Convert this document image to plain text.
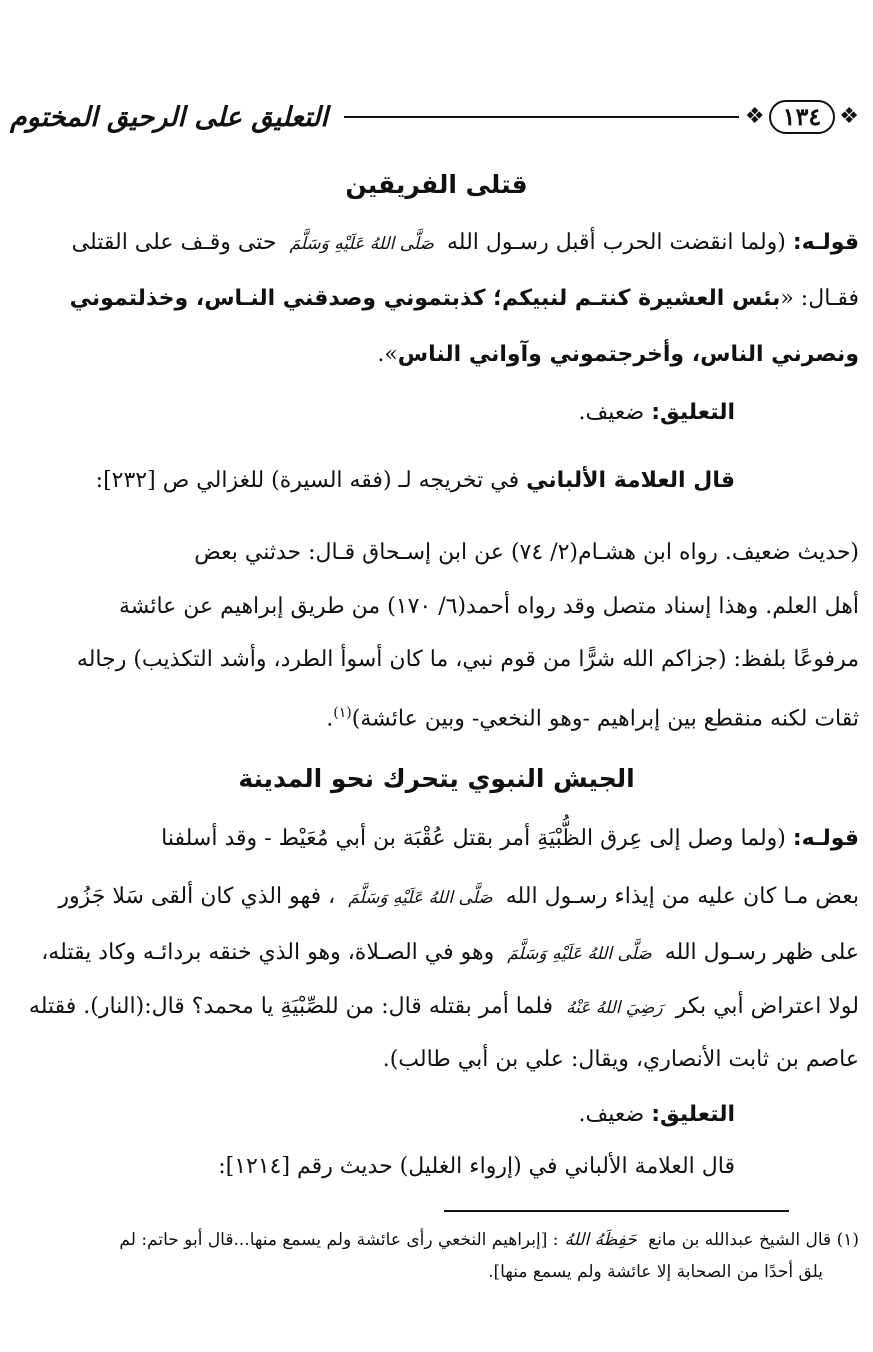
التعليق على الرحيق المختوم	❖ ١٣٤ ❖
قتلى الفريقين
قولـه: (ولما انقضت الحرب أقبل رسـول الله صَلَّى اللهُ عَلَيْهِ وَسَلَّمَ حتى وقـف على القتلى
فقـال: «بئس العشيرة كنتـم لنبيكم؛ كذبتموني وصدقني النـاس، وخذلتموني
ونصرني الناس، وأخرجتموني وآواني الناس».
التعليق: ضعيف.
قال العلامة الألباني في تخريجه لـ (فقه السيرة) للغزالي ص [٢٣٢]:
(حديث ضعيف. رواه ابن هشـام(٢/ ٧٤) عن ابن إسـحاق قـال: حدثني بعض
أهل العلم. وهذا إسناد متصل وقد رواه أحمد(٦/ ١٧٠) من طريق إبراهيم عن عائشة
مرفوعًا بلفظ: (جزاكم الله شرًّا من قوم نبي، ما كان أسوأ الطرد، وأشد التكذيب) رجاله
ثقات لكنه منقطع بين إبراهيم -وهو النخعي- وبين عائشة)$^{(١)}$.
الجيش النبوي يتحرك نحو المدينة
قولـه: (ولما وصل إلى عِرق الظُّبْيَةِ أمر بقتل عُقْبَة بن أبي مُعَيْط - وقد أسلفنا
بعض مـا كان عليه من إيذاء رسـول الله صَلَّى اللهُ عَلَيْهِ وَسَلَّمَ ، فهو الذي كان ألقى سَلا جَزُور
على ظهر رسـول الله صَلَّى اللهُ عَلَيْهِ وَسَلَّمَ وهو في الصـلاة، وهو الذي خنقه بردائـه وكاد يقتله،
لولا اعتراض أبي بكر رَضِيَ اللهُ عَنْهُ فلما أمر بقتله قال: من للصِّبْيَةِ يا محمد؟ قال:(النار). فقتله
عاصم بن ثابت الأنصاري، ويقال: علي بن أبي طالب).
التعليق: ضعيف.
قال العلامة الألباني في (إرواء الغليل) حديث رقم [١٢١٤]:
(١) قال الشيخ عبدالله بن مانع حَفِظَهُ اللهُ: [إبراهيم النخعي رأى عائشة ولم يسمع منها...قال أبو حاتم: لم
يلق أحدًا من الصحابة إلا عائشة ولم يسمع منها].
